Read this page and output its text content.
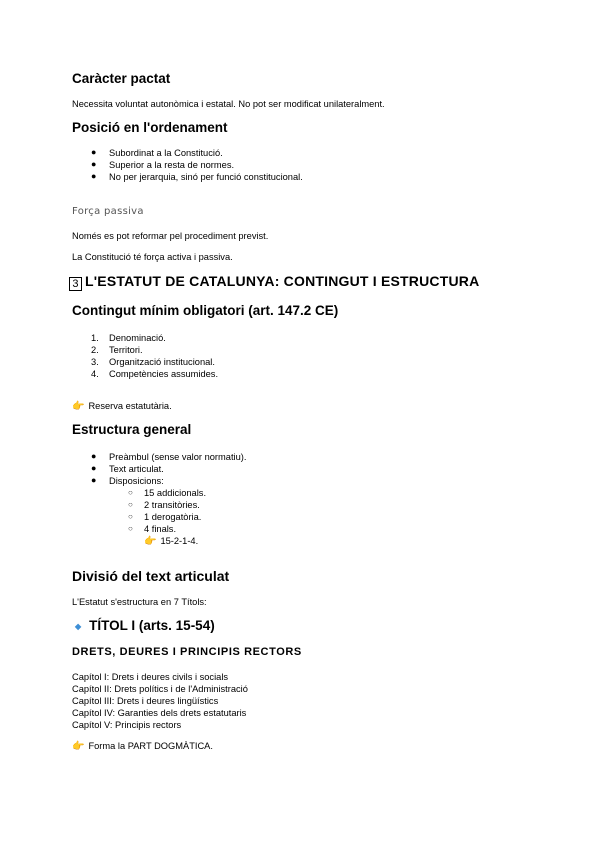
Caràcter pactat
Necessita voluntat autonòmica i estatal. No pot ser modificat unilateralment.
Posició en l'ordenament
● Subordinat a la Constitució.
● Superior a la resta de normes.
● No per jerarquia, sinó per funció constitucional.
Força passiva
Només es pot reformar pel procediment previst.
La Constitució té força activa i passiva.
3 L'ESTATUT DE CATALUNYA: CONTINGUT I ESTRUCTURA
Contingut mínim obligatori (art. 147.2 CE)
1. Denominació.
2. Territori.
3. Organització institucional.
4. Competències assumides.
👉 Reserva estatutària.
Estructura general
● Preàmbul (sense valor normatiu).
● Text articulat.
● Disposicions:
○ 15 addicionals.
○ 2 transitòries.
○ 1 derogatòria.
○ 4 finals.
👉 15-2-1-4.
Divisió del text articulat
L'Estatut s'estructura en 7 Títols:
◆ TÍTOL I (arts. 15-54)
DRETS, DEURES I PRINCIPIS RECTORS
Capítol I: Drets i deures civils i socials
Capítol II: Drets polítics i de l'Administració
Capítol III: Drets i deures lingüístics
Capítol IV: Garanties dels drets estatutaris
Capítol V: Principis rectors
👉 Forma la PART DOGMÀTICA.
